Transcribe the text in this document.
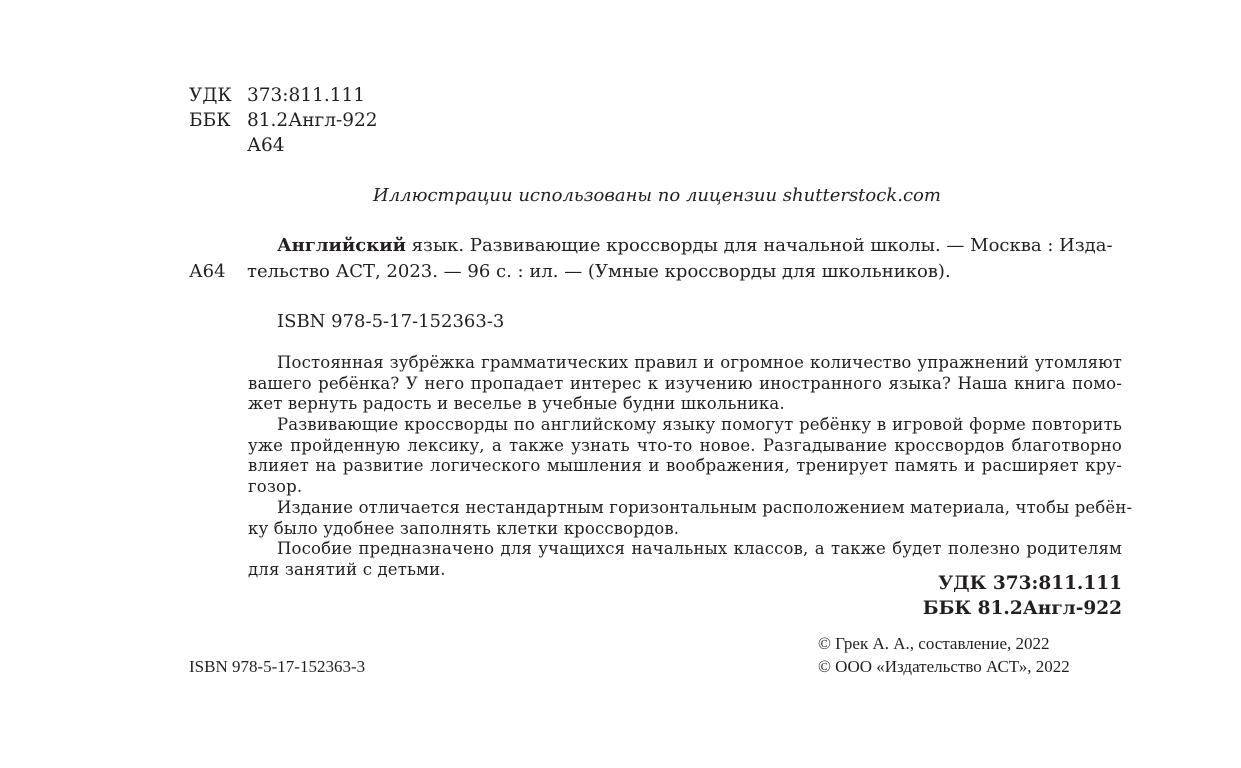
УДК 373:811.111
ББК 81.2Англ-922
А64
Иллюстрации использованы по лицензии shutterstock.com
Английский язык. Развивающие кроссворды для начальной школы. — Москва : Изда-
А64 тельство АСТ, 2023. — 96 с. : ил. — (Умные кроссворды для школьников).
ISBN 978-5-17-152363-3
Постоянная зубрёжка грамматических правил и огромное количество упражнений утомляют
вашего ребёнка? У него пропадает интерес к изучению иностранного языка? Наша книга помо-
жет вернуть радость и веселье в учебные будни школьника.
Развивающие кроссворды по английскому языку помогут ребёнку в игровой форме повторить
уже пройденную лексику, а также узнать что-то новое. Разгадывание кроссвордов благотворно
влияет на развитие логического мышления и воображения, тренирует память и расширяет кру-
гозор.
Издание отличается нестандартным горизонтальным расположением материала, чтобы ребён-
ку было удобнее заполнять клетки кроссвордов.
Пособие предназначено для учащихся начальных классов, а также будет полезно родителям
для занятий с детьми.
УДК 373:811.111
ББК 81.2Англ-922
ISBN 978-5-17-152363-3
© Грек А. А., составление, 2022
© ООО «Издательство АСТ», 2022
